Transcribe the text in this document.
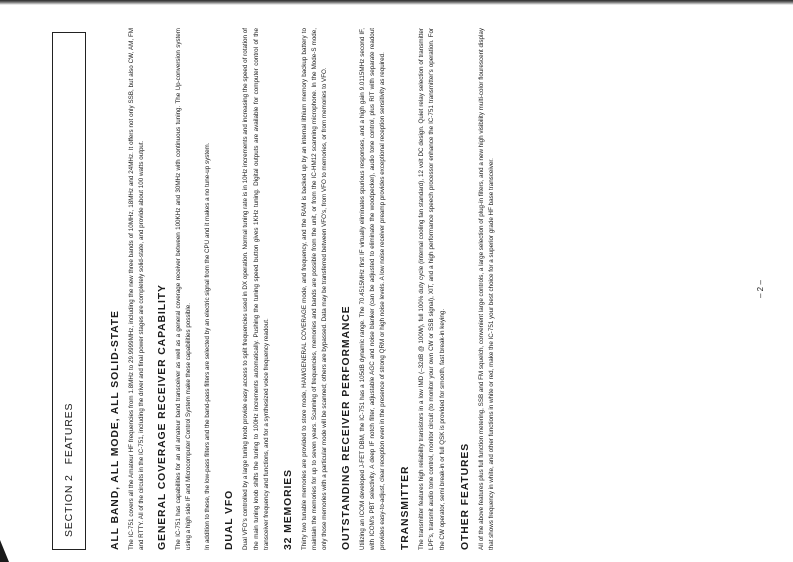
SECTION 2
FEATURES	ALL BAND, ALL MODE, ALL SOLID-STATE The IC-751 covers all the Amateur HF frequencies from 1.8MHz to 29.9999MHz, including the new three bands of 10MHz, 18MHz and 24MHz. It offers not only SSB, but also CW, AM, FM and RTTY. All of the circuits in the IC-751, including the driver and final power stages are completely solid-state, and provide about 100 watts output. GENERAL COVERAGE RECEIVER CAPABILITY The IC-751 has capabilities for an all amateur band transceiver as well as a general coverage receiver between 100KHz and 30MHz with continuous tuning. The Up-conversion system using a high side IF and Microcomputer Control System make these capabilities possible.	In addition to these, the low-pass filters and the band-pass filters are selected by an electric signal from the CPU and it makes a no tune-up system. DUAL VFO Dual VFO's controlled by a large tuning knob provide easy access to split frequencies used in DX operation. Normal tuning rate is in 10Hz increments and increasing the speed of rotation of the main tuning knob shifts the tuning to 100Hz increments automatically. Pushing the tuning speed button gives 1KHz tuning. Digital outputs are available for computer control of the transceiver frequency and functions, and for a synthesized voice frequency readout. 32 MEMORIES Thirty two tunable memories are provided to store mode, HAM/GENERAL COVERAGE mode, and frequency, and the RAM is backed up by an internal lithium memory backup battery to maintain the memories for up to seven years. Scanning of frequencies, memories and bands are possible from the unit, or from the IC-HM12 scanning microphone. In the Mode-S mode, only those memories with a particular mode will be scanned; others are bypassed. Data may be transferred between VFO's, from VFO to memories, or from memories to VFO. OUTSTANDING RECEIVER PERFORMANCE Utilizing an ICOM developed J-FET DBM, the IC-751 has a 105dB dynamic range. The 70.4515MHz first IF virtually eliminates spurious responses, and a high gain 9.0115MHz second IF, with ICOM's PBT selectivity. A deep IF notch filter, adjustable AGC and noise blanker (can be adjusted to eliminate the woodpecker), audio tone control, plus RIT with separate readout provides easy-to-adjust, clear reception even in the presence of strong QRM or high noise levels. A low noise receiver preamp provides exceptional reception sensitivity as required. TRANSMITTER The transmitter features high reliability transistors in a low IMD (–32dB @ 100W), full 100% duty cycle (internal cooling fan standard), 12 volt DC design. Quiet relay selection of transmitter LPF's, transmit audio tone control, monitor circuit (to monitor your own CW or SSB signal), XIT, and a high performance speech processor enhance the IC-751 transmitter's operation. For the CW operator, semi break-in or full QSK is provided for smooth, fast break-in keying. OTHER FEATURES All of the above features plus full function metering, SSB and FM squelch, convenient large controls, a large selection of plug-in filters, and a new high visibility multi-color flourescent display that shows frequency in white, and other functions in white or red, make the IC-751 your best choice for a superior grade HF base transceiver.	– 2 –
